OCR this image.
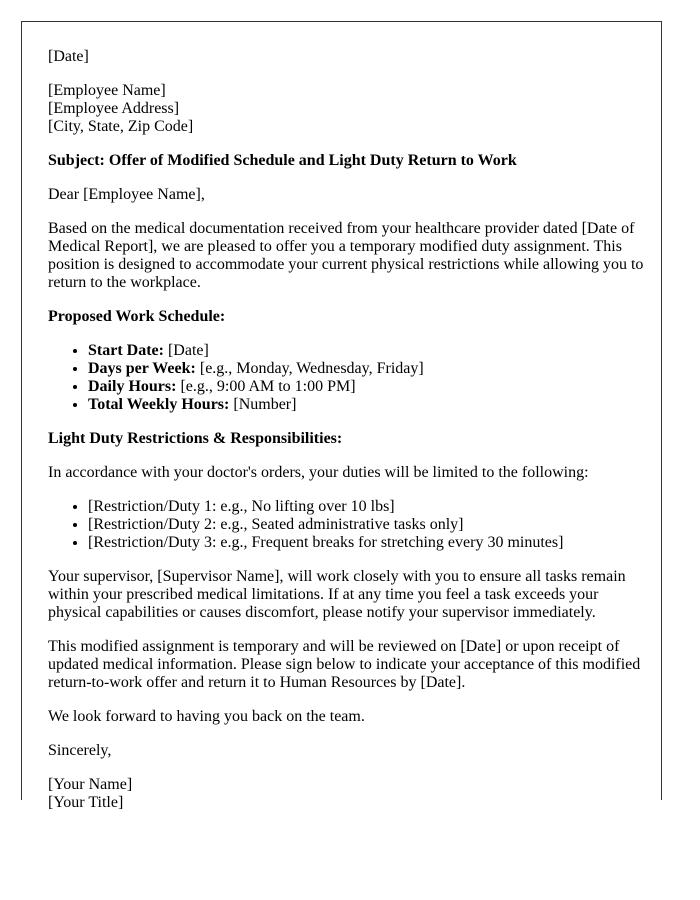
[Date]

[Employee Name]
[Employee Address]
[City, State, Zip Code]

Subject: Offer of Modified Schedule and Light Duty Return to Work

Dear [Employee Name],

Based on the medical documentation received from your healthcare provider dated [Date of Medical Report], we are pleased to offer you a temporary modified duty assignment. This position is designed to accommodate your current physical restrictions while allowing you to return to the workplace.

Proposed Work Schedule:

• Start Date: [Date]
• Days per Week: [e.g., Monday, Wednesday, Friday]
• Daily Hours: [e.g., 9:00 AM to 1:00 PM]
• Total Weekly Hours: [Number]

Light Duty Restrictions & Responsibilities:

In accordance with your doctor's orders, your duties will be limited to the following:

• [Restriction/Duty 1: e.g., No lifting over 10 lbs]
• [Restriction/Duty 2: e.g., Seated administrative tasks only]
• [Restriction/Duty 3: e.g., Frequent breaks for stretching every 30 minutes]

Your supervisor, [Supervisor Name], will work closely with you to ensure all tasks remain within your prescribed medical limitations. If at any time you feel a task exceeds your physical capabilities or causes discomfort, please notify your supervisor immediately.

This modified assignment is temporary and will be reviewed on [Date] or upon receipt of updated medical information. Please sign below to indicate your acceptance of this modified return-to-work offer and return it to Human Resources by [Date].

We look forward to having you back on the team.

Sincerely,

[Your Name]
[Your Title]
